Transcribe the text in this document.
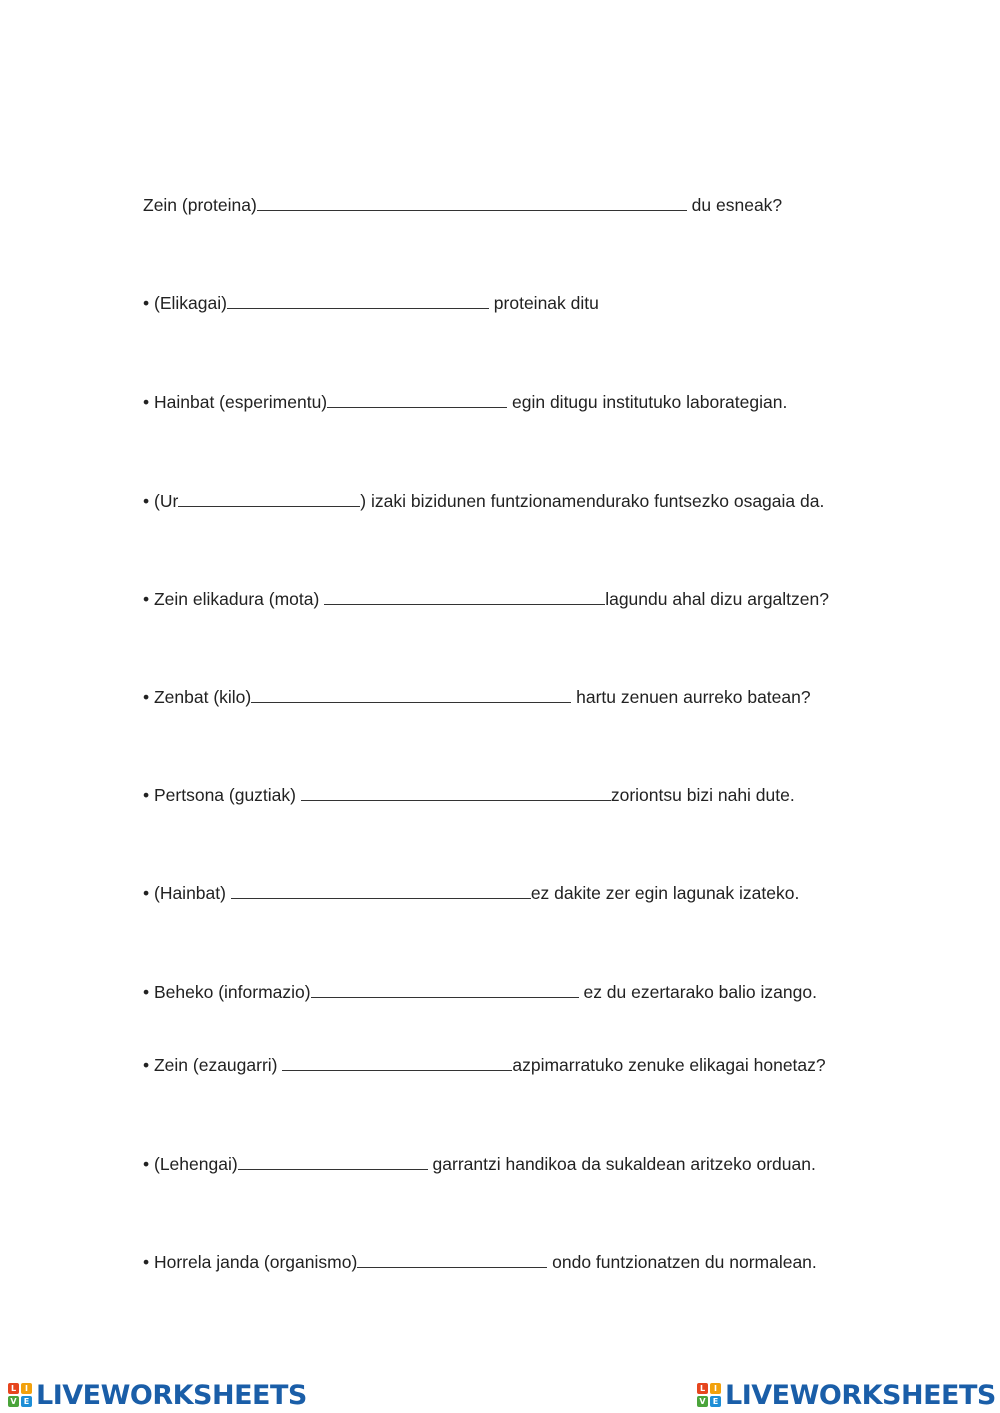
Zein (proteina)	du esneak?
• (Elikagai)	proteinak ditu
• Hainbat (esperimentu)	egin ditugu institutuko laborategian.
• (Ur	) izaki bizidunen funtzionamendurako funtsezko osagaia da.
• Zein elikadura (mota)	lagundu ahal dizu argaltzen?
• Zenbat (kilo)	hartu zenuen aurreko batean?
• Pertsona (guztiak)	zoriontsu bizi nahi dute.
• (Hainbat)	ez dakite zer egin lagunak izateko.
• Beheko (informazio)	ez du ezertarako balio izango.
• Zein (ezaugarri)	azpimarratuko zenuke elikagai honetaz?
• (Lehengai)	garrantzi handikoa da sukaldean aritzeko orduan.
• Horrela janda (organismo)	ondo funtzionatzen du normalean.
L	I
V E LIVEWORKSHEETS	L	I
V E LIVEWORKSHEETS
